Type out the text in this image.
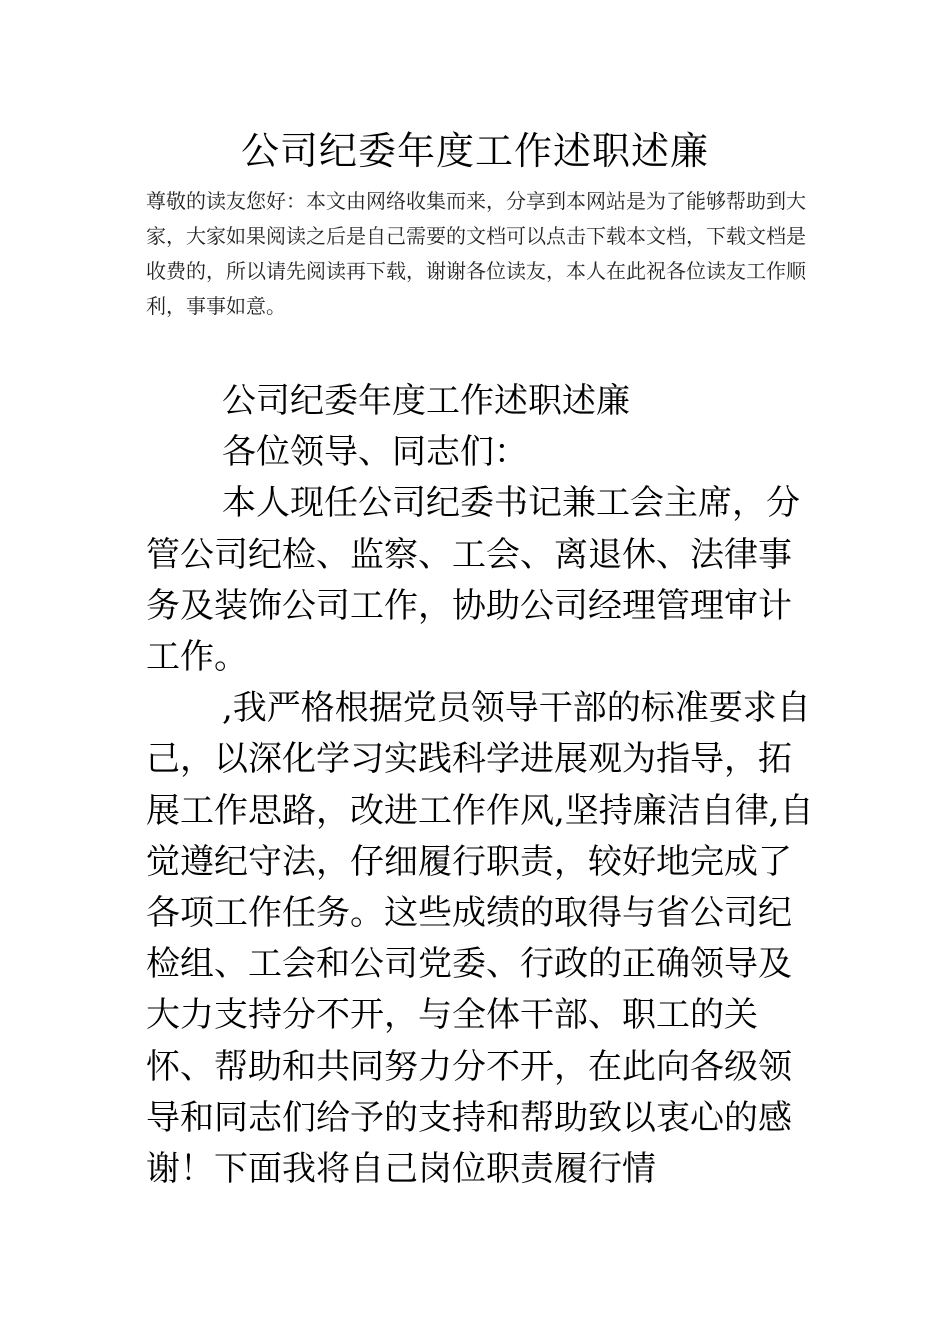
公司纪委年度工作述职述廉

尊敬的读友您好：本文由网络收集而来，分享到本网站是为了能够帮助到大家，大家如果阅读之后是自己需要的文档可以点击下载本文档，下载文档是收费的，所以请先阅读再下载，谢谢各位读友，本人在此祝各位读友工作顺利，事事如意。

公司纪委年度工作述职述廉

各位领导、同志们：

本人现任公司纪委书记兼工会主席，分管公司纪检、监察、工会、离退休、法律事务及装饰公司工作，协助公司经理管理审计工作。

,我严格根据党员领导干部的标准要求自己，以深化学习实践科学进展观为指导，拓展工作思路，改进工作作风,坚持廉洁自律,自觉遵纪守法，仔细履行职责，较好地完成了各项工作任务。这些成绩的取得与省公司纪检组、工会和公司党委、行政的正确领导及大力支持分不开，与全体干部、职工的关怀、帮助和共同努力分不开，在此向各级领导和同志们给予的支持和帮助致以衷心的感谢！下面我将自己岗位职责履行情
